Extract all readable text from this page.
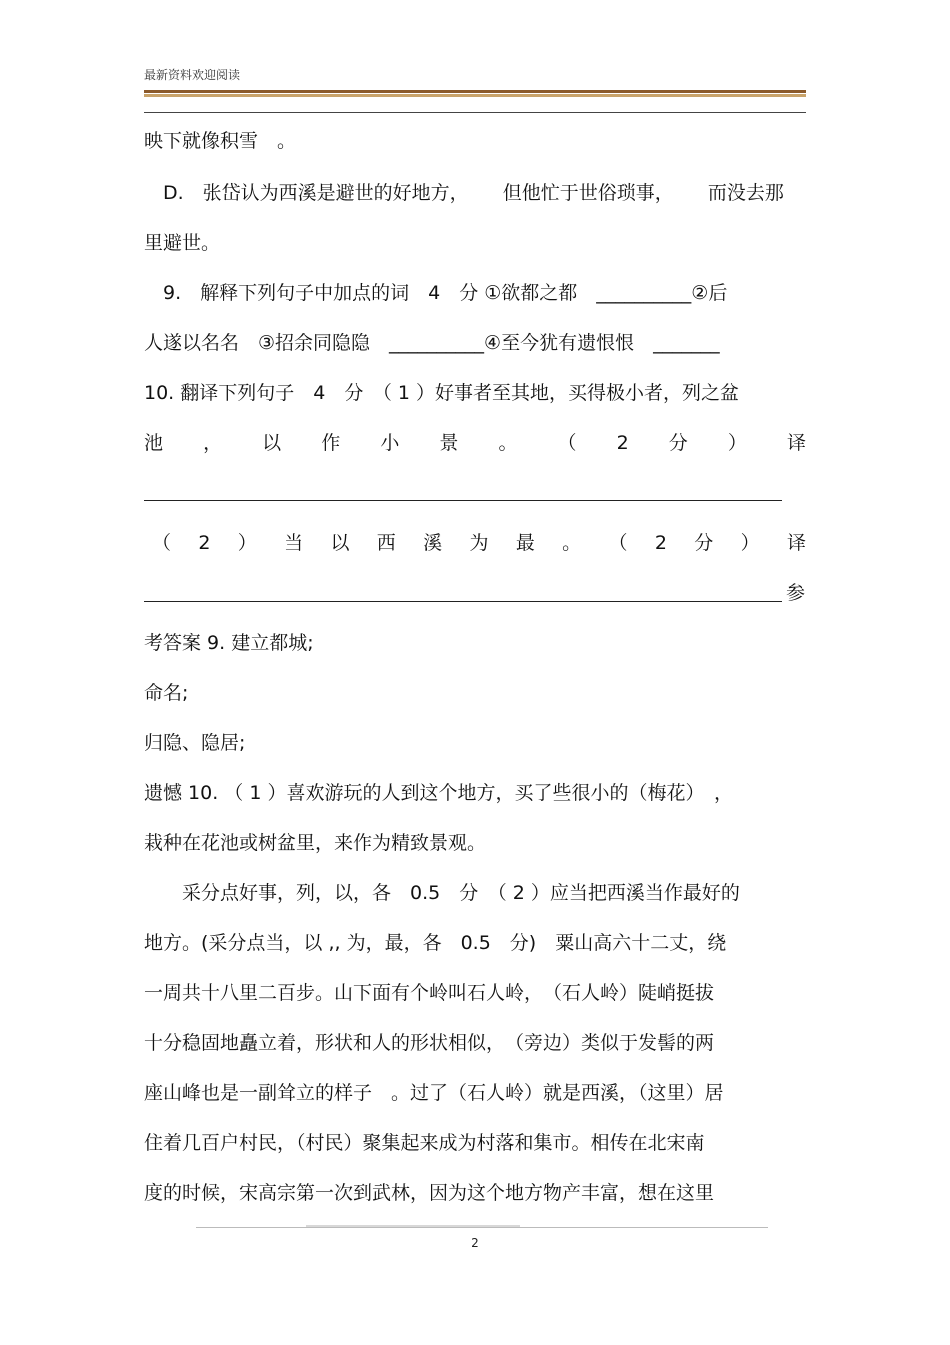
最新资料欢迎阅读
映下就像积雪　。
　D.　张岱认为西溪是避世的好地方， 但他忙于世俗琐事， 而没去那
里避世。
　9.　解释下列句子中加点的词　4　分 ①欲都之都　__________②后
人遂以名名　③招余同隐隐　__________④至今犹有遗恨恨　_______
10. 翻译下列句子　4　分　（ 1 ）好事者至其地，买得极小者，列之盆
池 ， 以 作 小 景 。 （ 2 分 ） 译
（ 2 ） 当 以 西 溪 为 最 。 （ 2 分 ） 译
参
考答案 9. 建立都城;
命名;
归隐、隐居;
遗憾 10. （ 1 ）喜欢游玩的人到这个地方，买了些很小的（梅花）　，
栽种在花池或树盆里，来作为精致景观。
　　采分点好事，列，以，各　0.5　分　（ 2 ）应当把西溪当作最好的
地方。(采分点当，以 ,, 为，最，各　0.5　分)　粟山高六十二丈，绕
一周共十八里二百步。山下面有个岭叫石人岭，　（石人岭）陡峭挺拔
十分稳固地矗立着，形状和人的形状相似，　（旁边）类似于发髻的两
座山峰也是一副耸立的样子　。过了（石人岭）就是西溪，（这里）居
住着几百户村民，（村民）聚集起来成为村落和集市。相传在北宋南
度的时候，宋高宗第一次到武林，因为这个地方物产丰富，想在这里
2
